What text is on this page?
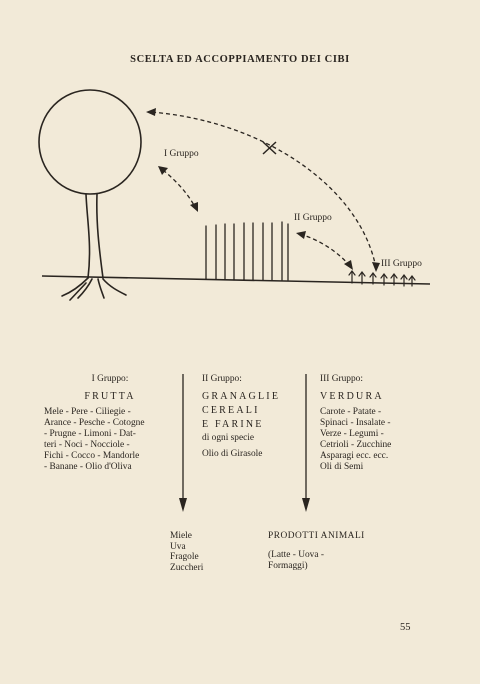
SCELTA ED ACCOPPIAMENTO DEI CIBI
I Gruppo
II Gruppo
III Gruppo
I Gruppo:
FRUTTA
Mele - Pere - Ciliegie -
Arance - Pesche - Cotogne
- Prugne - Limoni - Dat-
teri - Noci - Nocciole -
Fichi - Cocco - Mandorle
- Banane - Olio d'Oliva
II Gruppo:
GRANAGLIE
CEREALI
E FARINE
di ogni specie
Olio di Girasole
III Gruppo:
VERDURA
Carote - Patate -
Spinaci - Insalate -
Verze - Legumi -
Cetrioli - Zucchine
Asparagi ecc. ecc.
Oli di Semi
Miele
Uva
Fragole
Zuccheri
PRODOTTI ANIMALI
(Latte - Uova -
Formaggi)
55
